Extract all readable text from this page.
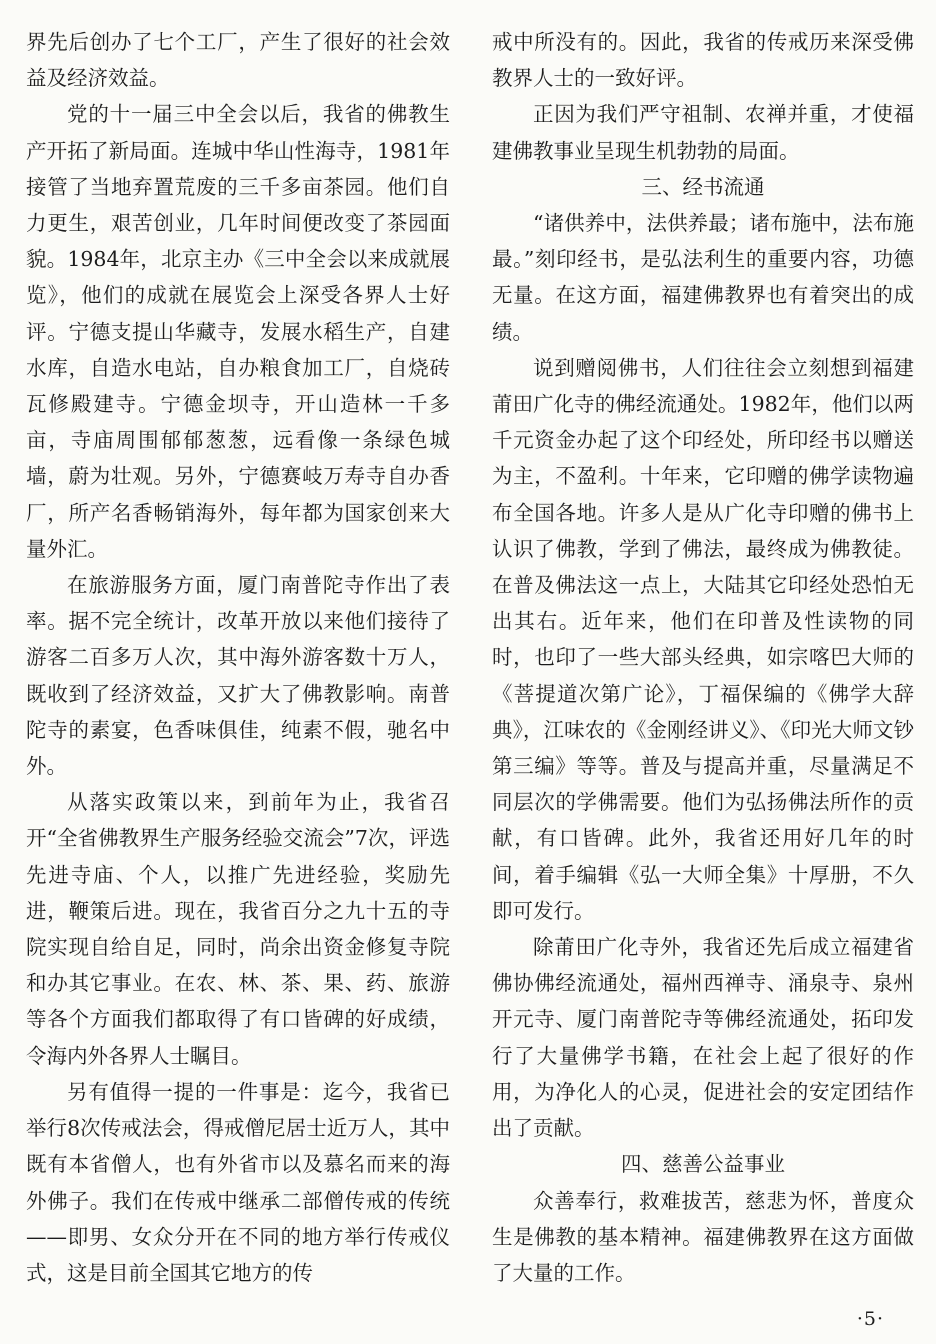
界先后创办了七个工厂，产生了很好的社会效益及经济效益。

党的十一届三中全会以后，我省的佛教生产开拓了新局面。连城中华山性海寺，1981年接管了当地弃置荒废的三千多亩茶园。他们自力更生，艰苦创业，几年时间便改变了茶园面貌。1984年，北京主办《三中全会以来成就展览》，他们的成就在展览会上深受各界人士好评。宁德支提山华藏寺，发展水稻生产，自建水库，自造水电站，自办粮食加工厂，自烧砖瓦修殿建寺。宁德金坝寺，开山造林一千多亩，寺庙周围郁郁葱葱，远看像一条绿色城墙，蔚为壮观。另外，宁德赛岐万寿寺自办香厂，所产名香畅销海外，每年都为国家创来大量外汇。

在旅游服务方面，厦门南普陀寺作出了表率。据不完全统计，改革开放以来他们接待了游客二百多万人次，其中海外游客数十万人，既收到了经济效益，又扩大了佛教影响。南普陀寺的素宴，色香味俱佳，纯素不假，驰名中外。

从落实政策以来，到前年为止，我省召开“全省佛教界生产服务经验交流会”7次，评选先进寺庙、个人，以推广先进经验，奖励先进，鞭策后进。现在，我省百分之九十五的寺院实现自给自足，同时，尚余出资金修复寺院和办其它事业。在农、林、茶、果、药、旅游等各个方面我们都取得了有口皆碑的好成绩，令海内外各界人士瞩目。

另有值得一提的一件事是：迄今，我省已举行8次传戒法会，得戒僧尼居士近万人，其中既有本省僧人，也有外省市以及慕名而来的海外佛子。我们在传戒中继承二部僧传戒的传统——即男、女众分开在不同的地方举行传戒仪式，这是目前全国其它地方的传

戒中所没有的。因此，我省的传戒历来深受佛教界人士的一致好评。

正因为我们严守祖制、农禅并重，才使福建佛教事业呈现生机勃勃的局面。

三、经书流通

“诸供养中，法供养最；诸布施中，法布施最。”刻印经书，是弘法利生的重要内容，功德无量。在这方面，福建佛教界也有着突出的成绩。

说到赠阅佛书，人们往往会立刻想到福建莆田广化寺的佛经流通处。1982年，他们以两千元资金办起了这个印经处，所印经书以赠送为主，不盈利。十年来，它印赠的佛学读物遍布全国各地。许多人是从广化寺印赠的佛书上认识了佛教，学到了佛法，最终成为佛教徒。在普及佛法这一点上，大陆其它印经处恐怕无出其右。近年来，他们在印普及性读物的同时，也印了一些大部头经典，如宗喀巴大师的《菩提道次第广论》，丁福保编的《佛学大辞典》，江味农的《金刚经讲义》、《印光大师文钞第三编》等等。普及与提高并重，尽量满足不同层次的学佛需要。他们为弘扬佛法所作的贡献，有口皆碑。此外，我省还用好几年的时间，着手编辑《弘一大师全集》十厚册，不久即可发行。

除莆田广化寺外，我省还先后成立福建省佛协佛经流通处，福州西禅寺、涌泉寺、泉州开元寺、厦门南普陀寺等佛经流通处，拓印发行了大量佛学书籍，在社会上起了很好的作用，为净化人的心灵，促进社会的安定团结作出了贡献。

四、慈善公益事业

众善奉行，救难拔苦，慈悲为怀，普度众生是佛教的基本精神。福建佛教界在这方面做了大量的工作。

·5·
